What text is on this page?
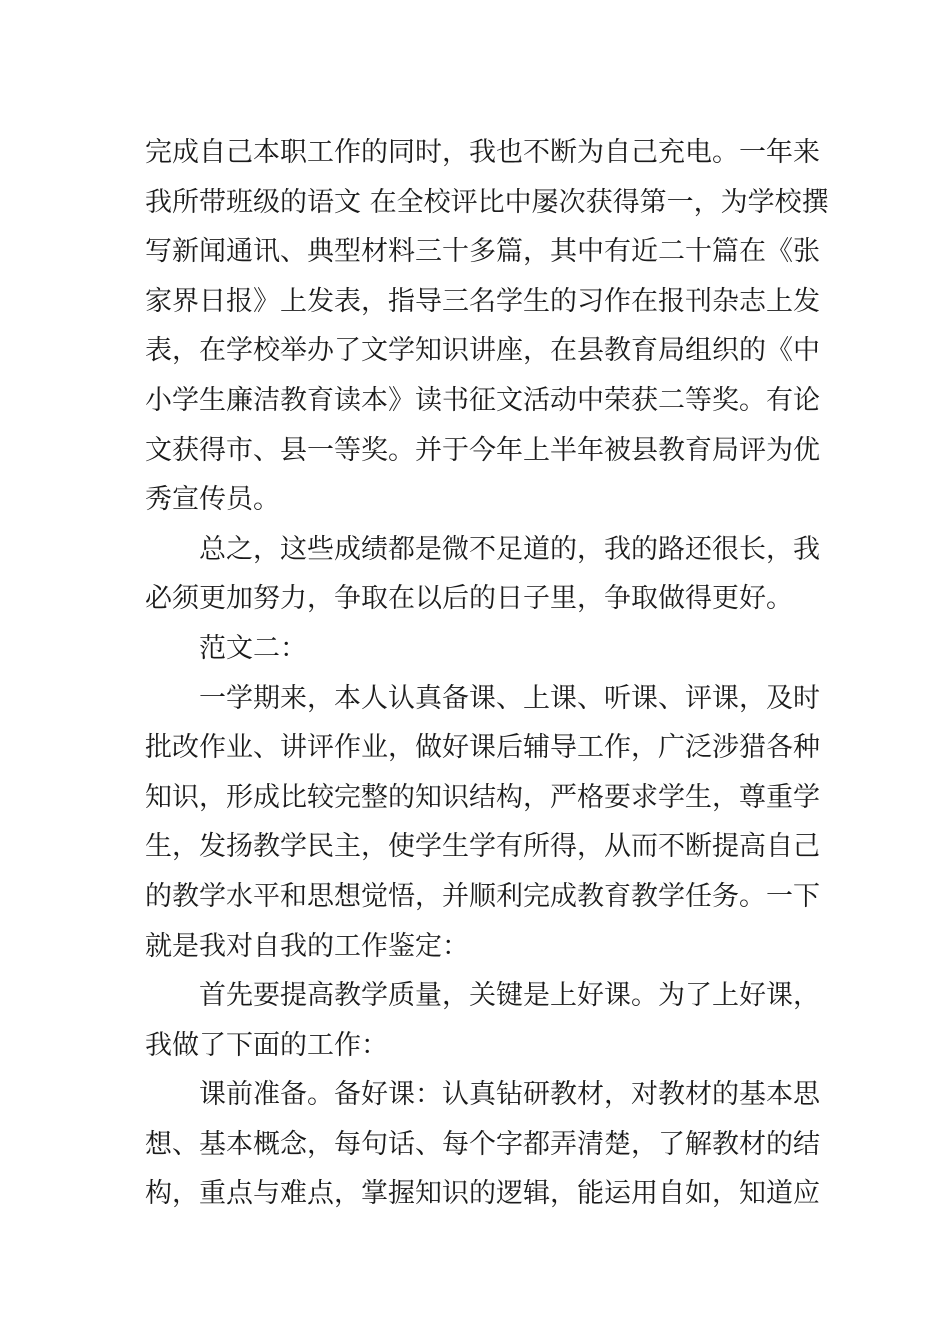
完成自己本职工作的同时，我也不断为自己充电。一年来
我所带班级的语文 在全校评比中屡次获得第一，为学校撰
写新闻通讯、典型材料三十多篇，其中有近二十篇在《张
家界日报》上发表，指导三名学生的习作在报刊杂志上发
表，在学校举办了文学知识讲座，在县教育局组织的《中
小学生廉洁教育读本》读书征文活动中荣获二等奖。有论
文获得市、县一等奖。并于今年上半年被县教育局评为优
秀宣传员。
总之，这些成绩都是微不足道的，我的路还很长，我
必须更加努力，争取在以后的日子里，争取做得更好。
范文二：
一学期来，本人认真备课、上课、听课、评课，及时
批改作业、讲评作业，做好课后辅导工作，广泛涉猎各种
知识，形成比较完整的知识结构，严格要求学生，尊重学
生，发扬教学民主，使学生学有所得，从而不断提高自己
的教学水平和思想觉悟，并顺利完成教育教学任务。一下
就是我对自我的工作鉴定：
首先要提高教学质量，关键是上好课。为了上好课，
我做了下面的工作：
课前准备。备好课：认真钻研教材，对教材的基本思
想、基本概念，每句话、每个字都弄清楚，了解教材的结
构，重点与难点，掌握知识的逻辑，能运用自如，知道应
